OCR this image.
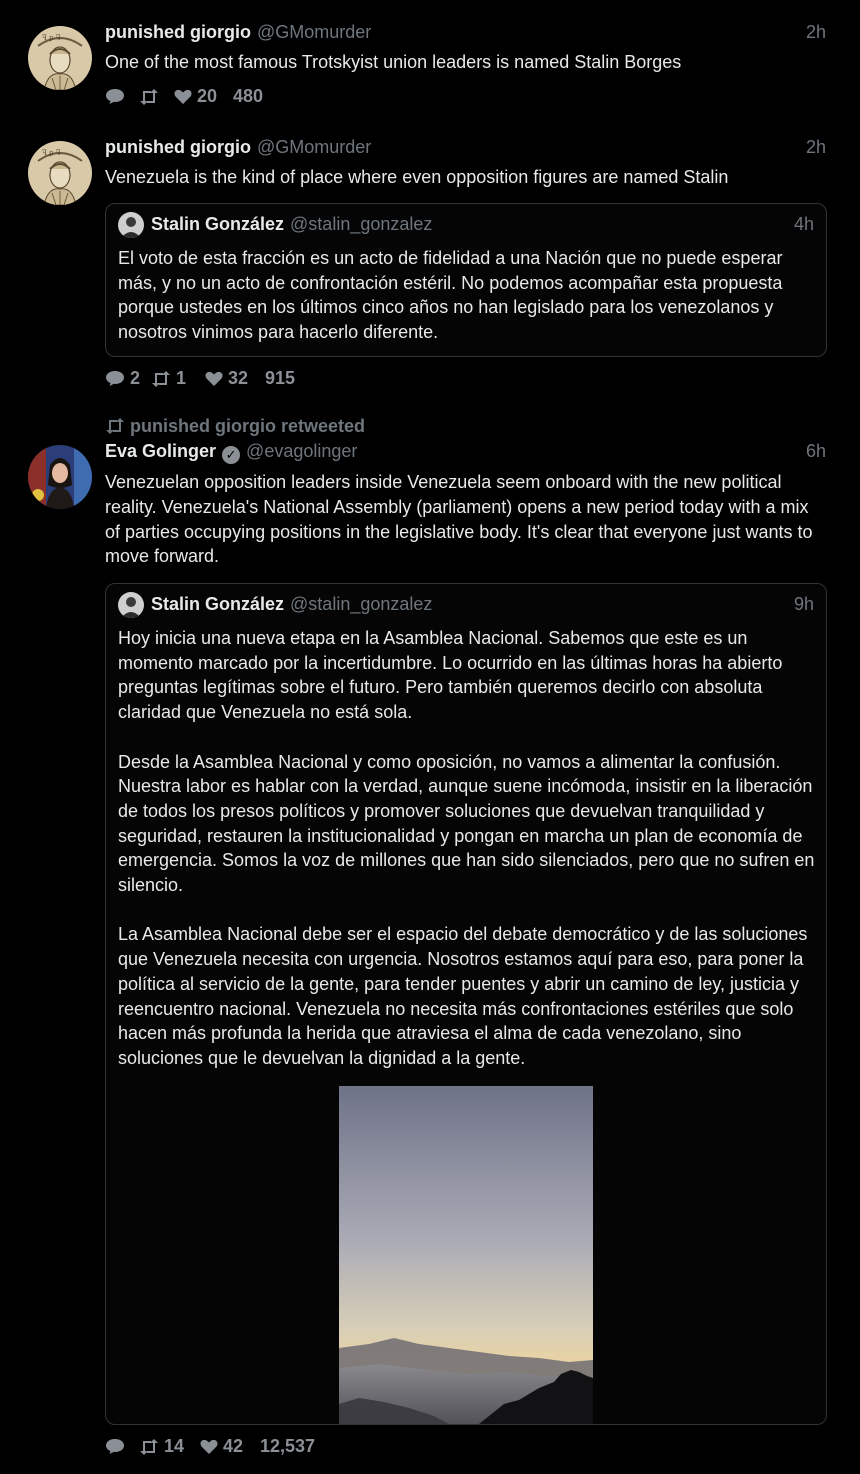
ꟻ ꝑ ꟻ punished giorgio @GMomurder	2h
One of the most famous Trotskyist union leaders is named Stalin Borges
20 480
ꟻ ꝑ ꟻ punished giorgio @GMomurder	2h
Venezuela is the kind of place where even opposition figures are named Stalin
Stalin González @stalin_gonzalez	4h
El voto de esta fracción es un acto de fidelidad a una Nación que no puede esperar más, y no un acto de confrontación estéril. No podemos acompañar esta propuesta porque ustedes en los últimos cinco años no han legislado para los venezolanos y nosotros vinimos para hacerlo diferente.
2	1	32 915
punished giorgio retweeted
Eva Golinger ✓ @evagolinger	6h
Venezuelan opposition leaders inside Venezuela seem onboard with the new political reality. Venezuela's National Assembly (parliament) opens a new period today with a mix of parties occupying positions in the legislative body. It's clear that everyone just wants to move forward.
Stalin González @stalin_gonzalez	9h
Hoy inicia una nueva etapa en la Asamblea Nacional. Sabemos que este es un momento marcado por la incertidumbre. Lo ocurrido en las últimas horas ha abierto preguntas legítimas sobre el futuro. Pero también queremos decirlo con absoluta claridad que Venezuela no está sola.

Desde la Asamblea Nacional y como oposición, no vamos a alimentar la confusión. Nuestra labor es hablar con la verdad, aunque suene incómoda, insistir en la liberación de todos los presos políticos y promover soluciones que devuelvan tranquilidad y seguridad, restauren la institucionalidad y pongan en marcha un plan de economía de emergencia. Somos la voz de millones que han sido silenciados, pero que no sufren en silencio.

La Asamblea Nacional debe ser el espacio del debate democrático y de las soluciones que Venezuela necesita con urgencia. Nosotros estamos aquí para eso, para poner la política al servicio de la gente, para tender puentes y abrir un camino de ley, justicia y reencuentro nacional. Venezuela no necesita más confrontaciones estériles que solo hacen más profunda la herida que atraviesa el alma de cada venezolano, sino soluciones que le devuelvan la dignidad a la gente.
14	42 12,537
